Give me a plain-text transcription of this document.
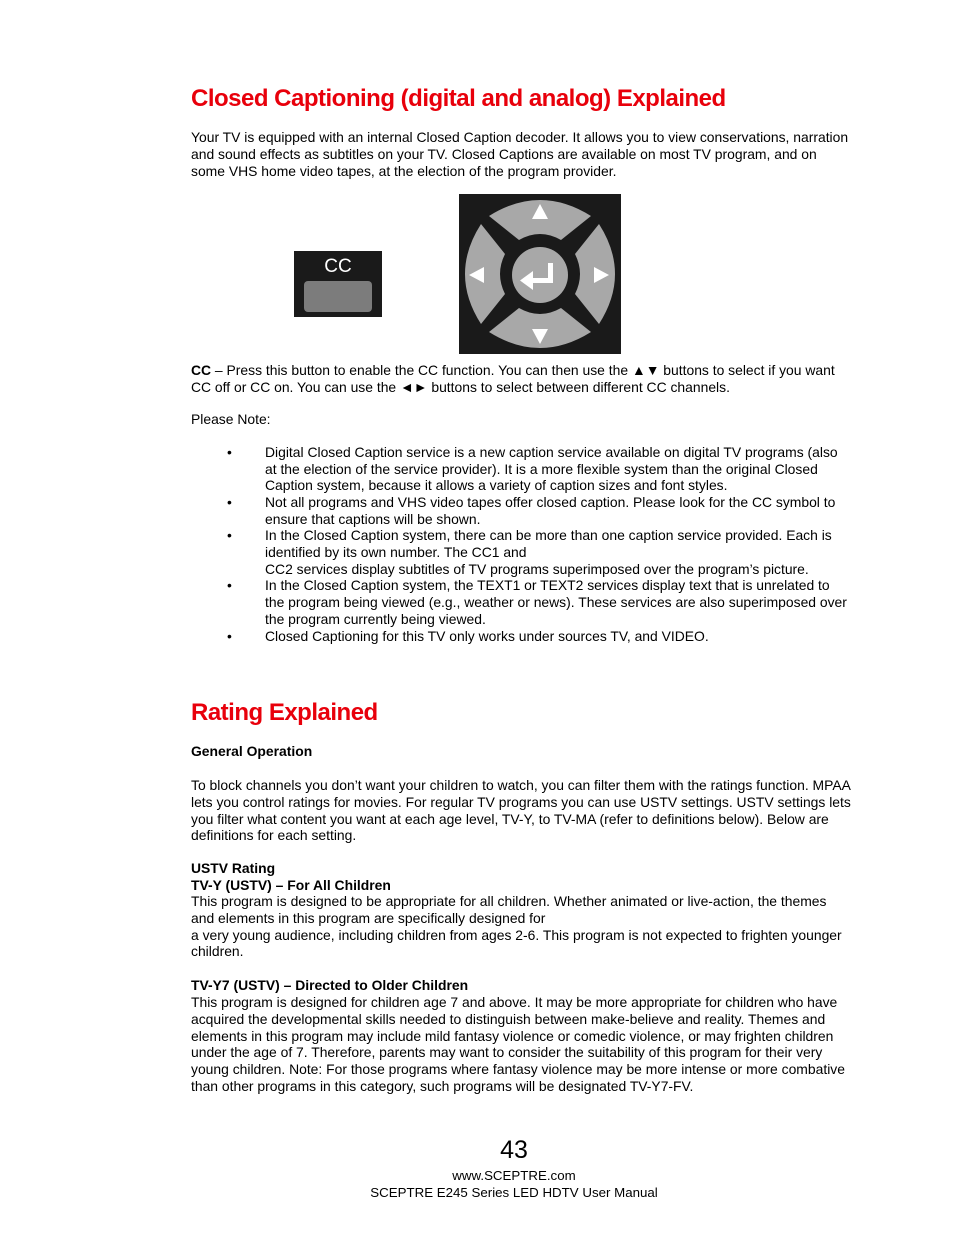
Closed Captioning (digital and analog) Explained

Your TV is equipped with an internal Closed Caption decoder. It allows you to view conservations, narration and sound effects as subtitles on your TV. Closed Captions are available on most TV program, and on some VHS home video tapes, at the election of the program provider.

CC

CC – Press this button to enable the CC function. You can then use the ▲▼ buttons to select if you want CC off or CC on. You can use the ◄► buttons to select between different CC channels.

Please Note:

• Digital Closed Caption service is a new caption service available on digital TV programs (also at the election of the service provider). It is a more flexible system than the original Closed Caption system, because it allows a variety of caption sizes and font styles.
• Not all programs and VHS video tapes offer closed caption. Please look for the CC symbol to ensure that captions will be shown.
• In the Closed Caption system, there can be more than one caption service provided. Each is identified by its own number. The CC1 and
CC2 services display subtitles of TV programs superimposed over the program’s picture.
• In the Closed Caption system, the TEXT1 or TEXT2 services display text that is unrelated to the program being viewed (e.g., weather or news). These services are also superimposed over the program currently being viewed.
• Closed Captioning for this TV only works under sources TV, and VIDEO.
Rating Explained

General Operation

To block channels you don’t want your children to watch, you can filter them with the ratings function. MPAA lets you control ratings for movies. For regular TV programs you can use USTV settings. USTV settings lets you filter what content you want at each age level, TV-Y, to TV-MA (refer to definitions below). Below are definitions for each setting.

USTV Rating

TV-Y (USTV) – For All Children

This program is designed to be appropriate for all children. Whether animated or live-action, the themes and elements in this program are specifically designed for
a very young audience, including children from ages 2-6. This program is not expected to frighten younger children.

TV-Y7 (USTV) – Directed to Older Children

This program is designed for children age 7 and above. It may be more appropriate for children who have acquired the developmental skills needed to distinguish between make-believe and reality. Themes and elements in this program may include mild fantasy violence or comedic violence, or may frighten children under the age of 7. Therefore, parents may want to consider the suitability of this program for their very young children. Note: For those programs where fantasy violence may be more intense or more combative than other programs in this category, such programs will be designated TV-Y7-FV.

43

www.SCEPTRE.com

SCEPTRE E245 Series LED HDTV User Manual
